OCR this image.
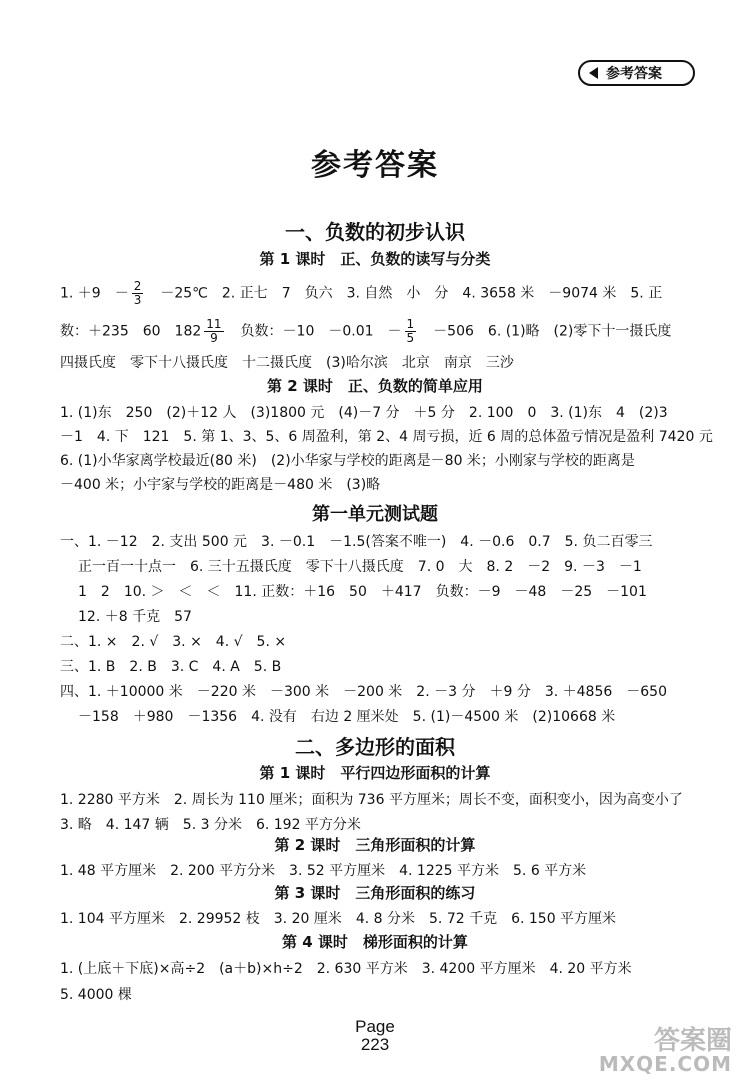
参考答案
参考答案
一、负数的初步认识
第 1 课时　正、负数的读写与分类
1. ＋9　－ $\frac{2}{3}$ 　－25℃　2. 正七　7　负六　3. 自然　小　分　4. 3658 米　－9074 米　5. 正
数：＋235　60　$182 \frac{11}{9}$ 　负数：－10　－0.01　－ $\frac{1}{5}$ 　－506　6. (1)略　(2)零下十一摄氏度
四摄氏度　零下十八摄氏度　十二摄氏度　(3)哈尔滨　北京　南京　三沙
第 2 课时　正、负数的简单应用
1. (1)东　250　(2)＋12 人　(3)1800 元　(4)－7 分　＋5 分　2. 100　0　3. (1)东　4　(2)3
－1　4. 下　121　5. 第 1、3、5、6 周盈利，第 2、4 周亏损，近 6 周的总体盈亏情况是盈利 7420 元
6. (1)小华家离学校最近(80 米)　(2)小华家与学校的距离是－80 米；小刚家与学校的距离是
－400 米；小宇家与学校的距离是－480 米　(3)略
第一单元测试题
一、1. －12　2. 支出 500 元　3. －0.1　－1.5(答案不唯一)　4. －0.6　0.7　5. 负二百零三
正一百一十点一　6. 三十五摄氏度　零下十八摄氏度　7. 0　大　8. 2　－2　9. －3　－1
1　2　10. ＞　＜　＜　11. 正数：＋16　50　＋417　负数：－9　－48　－25　－101
12. ＋8 千克　57
二、1. ×　2. √　3. ×　4. √　5. ×
三、1. B　2. B　3. C　4. A　5. B
四、1. ＋10000 米　－220 米　－300 米　－200 米　2. －3 分　＋9 分　3. ＋4856　－650
－158　＋980　－1356　4. 没有　右边 2 厘米处　5. (1)－4500 米　(2)10668 米
二、多边形的面积
第 1 课时　平行四边形面积的计算
1. 2280 平方米　2. 周长为 110 厘米；面积为 736 平方厘米；周长不变，面积变小，因为高变小了
3. 略　4. 147 辆　5. 3 分米　6. 192 平方分米
第 2 课时　三角形面积的计算
1. 48 平方厘米　2. 200 平方分米　3. 52 平方厘米　4. 1225 平方米　5. 6 平方米
第 3 课时　三角形面积的练习
1. 104 平方厘米　2. 29952 枝　3. 20 厘米　4. 8 分米　5. 72 千克　6. 150 平方厘米
第 4 课时　梯形面积的计算
1. (上底＋下底)×高÷2　(a＋b)×h÷2　2. 630 平方米　3. 4200 平方厘米　4. 20 平方米
5. 4000 棵
Page
223	答案圈
MXQE.COM
